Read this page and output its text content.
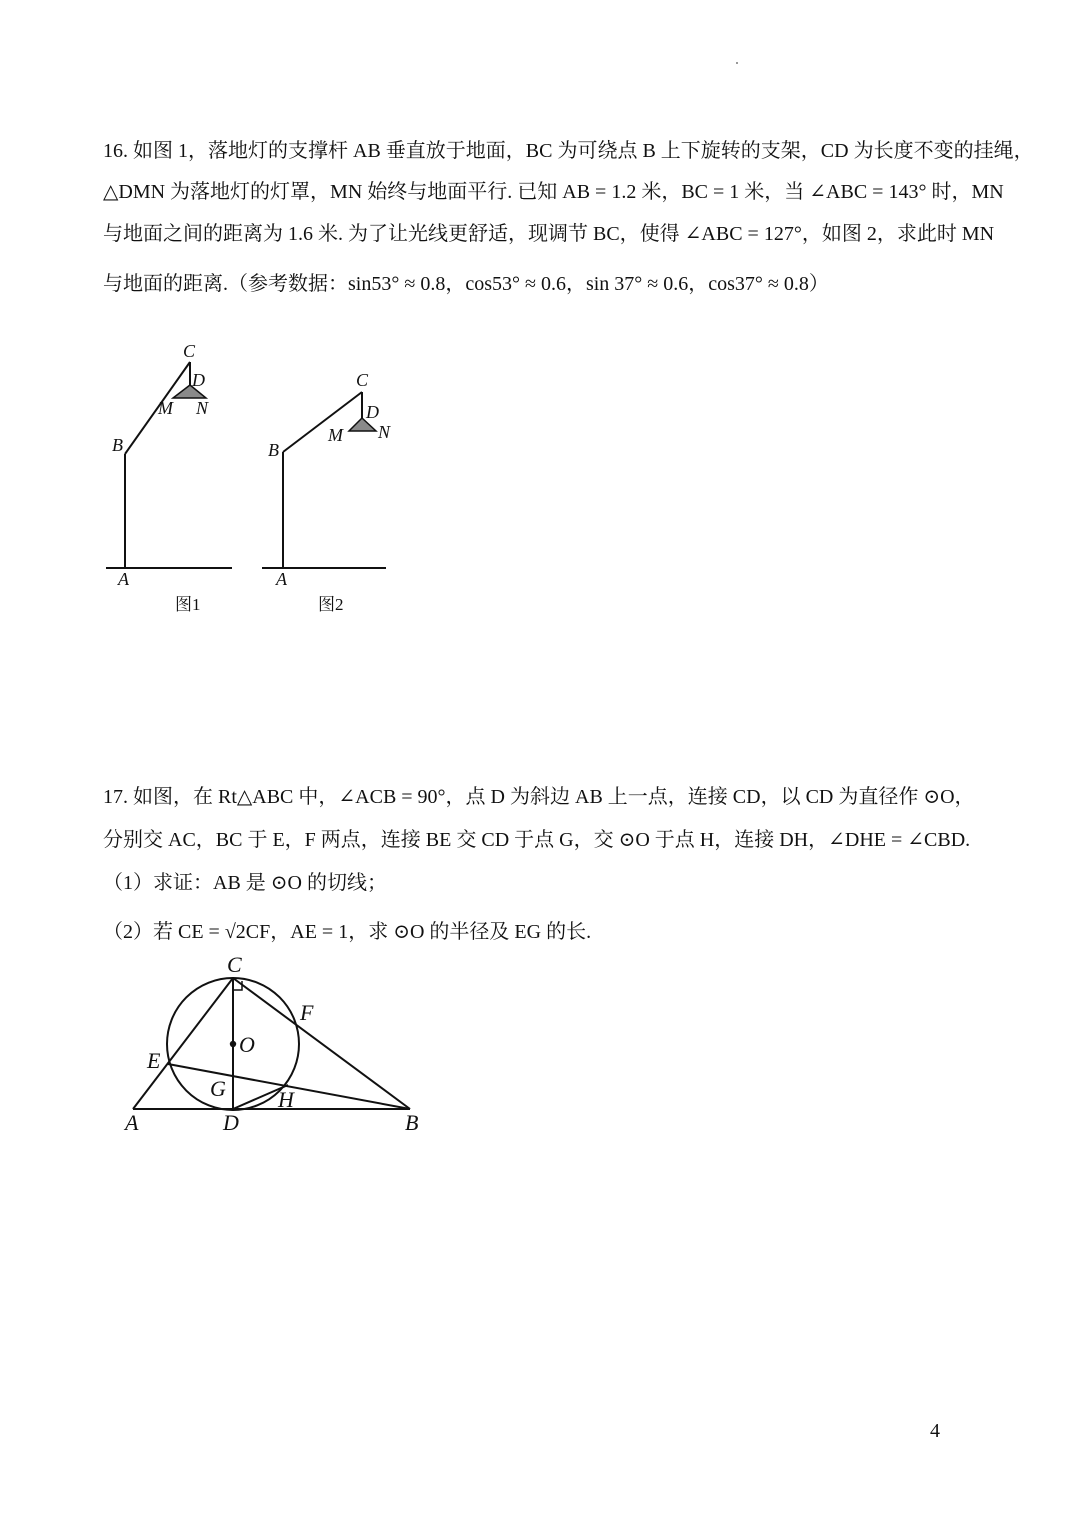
16. 如图 1，落地灯的支撑杆 AB 垂直放于地面，BC 为可绕点 B 上下旋转的支架，CD 为长度不变的挂绳，
△DMN 为落地灯的灯罩，MN 始终与地面平行. 已知 AB = 1.2 米，BC = 1 米，当 ∠ABC = 143° 时，MN
与地面之间的距离为 1.6 米. 为了让光线更舒适，现调节 BC，使得 ∠ABC = 127°，如图 2，求此时 MN
与地面的距离.（参考数据：sin53° ≈ 0.8，cos53° ≈ 0.6，sin 37° ≈ 0.6，cos37° ≈ 0.8）
C
D
M N
B
A
图1
C
D
M N
B
A
图2
17. 如图，在 Rt△ABC 中，∠ACB = 90°，点 D 为斜边 AB 上一点，连接 CD，以 CD 为直径作 ⊙O，
分别交 AC，BC 于 E，F 两点，连接 BE 交 CD 于点 G，交 ⊙O 于点 H，连接 DH，∠DHE = ∠CBD.
（1）求证：AB 是 ⊙O 的切线；
（2）若 CE = √2CF，AE = 1，求 ⊙O 的半径及 EG 的长.
C
F
O
E
G H
A	D	B
4
